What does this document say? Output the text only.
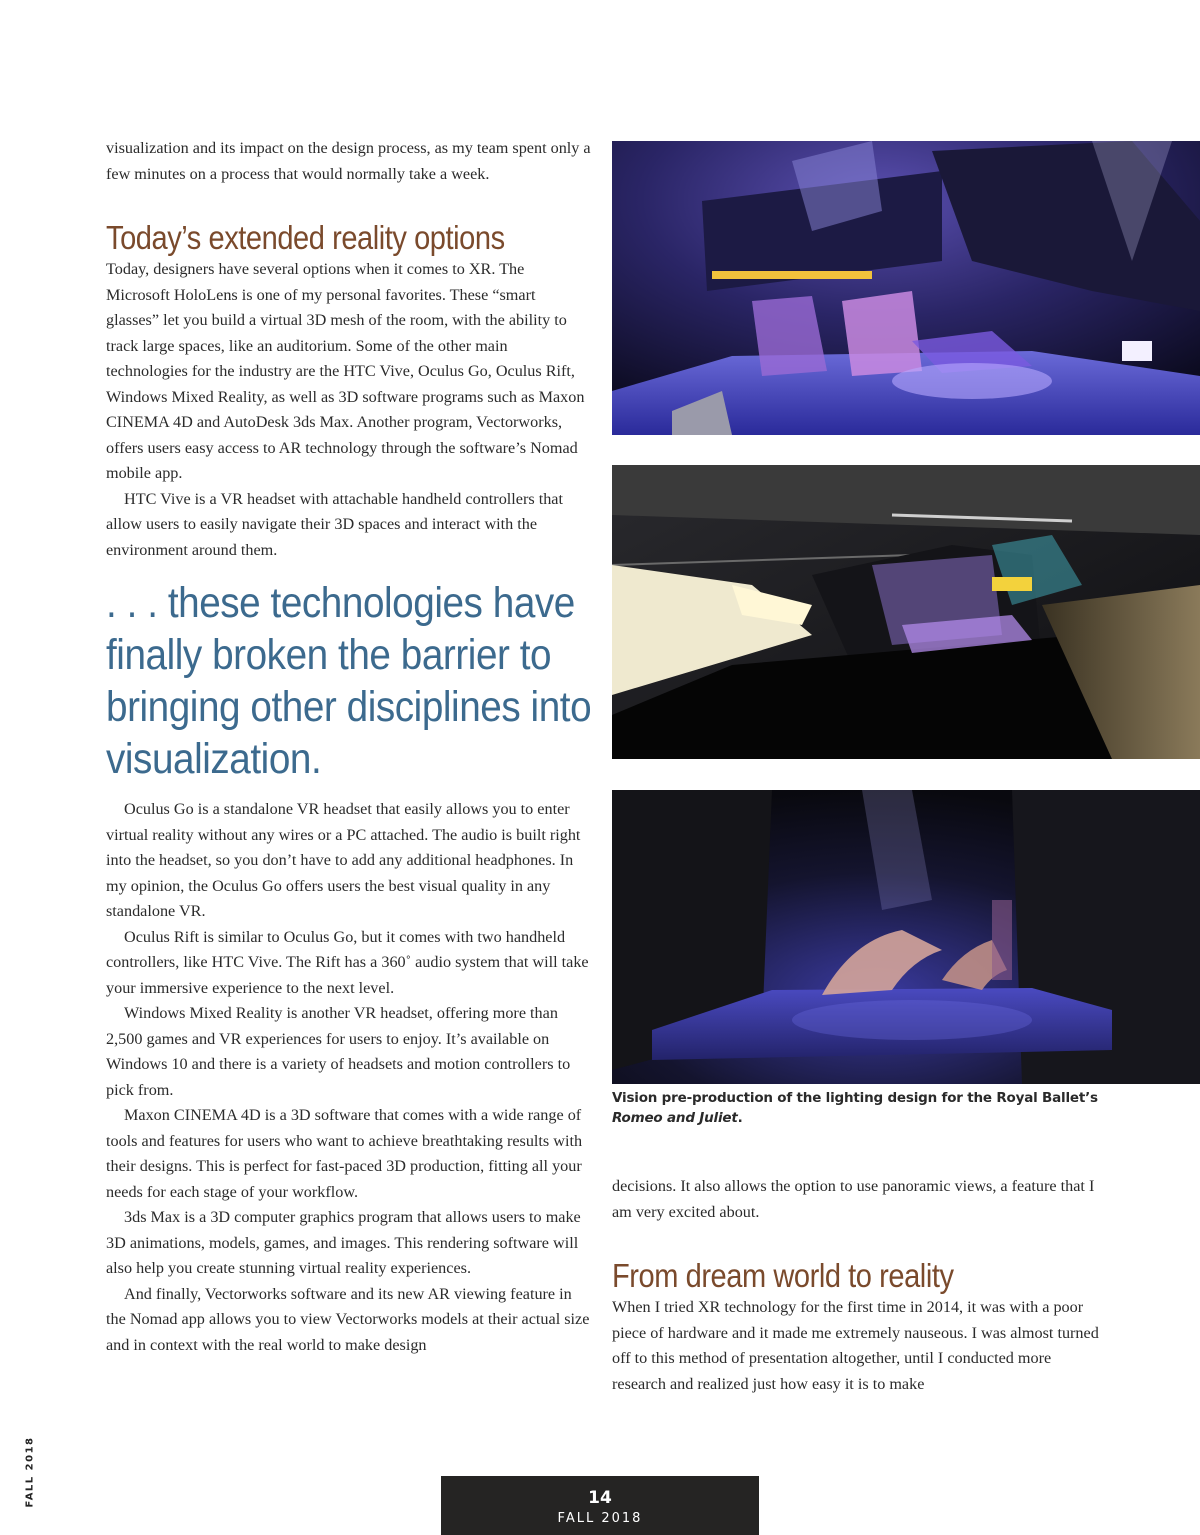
visualization and its impact on the design process, as my team spent only a few minutes on a process that would normally take a week.

Today’s extended reality options

Today, designers have several options when it comes to XR. The Microsoft HoloLens is one of my personal favorites. These “smart glasses” let you build a virtual 3D mesh of the room, with the ability to track large spaces, like an auditorium. Some of the other main technologies for the industry are the HTC Vive, Oculus Go, Oculus Rift, Windows Mixed Reality, as well as 3D software programs such as Maxon CINEMA 4D and AutoDesk 3ds Max. Another program, Vectorworks, offers users easy access to AR technology through the software’s Nomad mobile app.

HTC Vive is a VR headset with attachable handheld controllers that allow users to easily navigate their 3D spaces and interact with the environment around them.

. . . these technologies have finally broken the barrier to bringing other disciplines into visualization.

Oculus Go is a standalone VR headset that easily allows you to enter virtual reality without any wires or a PC attached. The audio is built right into the headset, so you don’t have to add any additional headphones. In my opinion, the Oculus Go offers users the best visual quality in any standalone VR.

Oculus Rift is similar to Oculus Go, but it comes with two handheld controllers, like HTC Vive. The Rift has a 360˚ audio system that will take your immersive experience to the next level.

Windows Mixed Reality is another VR headset, offering more than 2,500 games and VR experiences for users to enjoy. It’s available on Windows 10 and there is a variety of headsets and motion controllers to pick from.

Maxon CINEMA 4D is a 3D software that comes with a wide range of tools and features for users who want to achieve breathtaking results with their designs. This is perfect for fast-paced 3D production, fitting all your needs for each stage of your workflow.

3ds Max is a 3D computer graphics program that allows users to make 3D animations, models, games, and images. This rendering software will also help you create stunning virtual reality experiences.

And finally, Vectorworks software and its new AR viewing feature in the Nomad app allows you to view Vectorworks models at their actual size and in context with the real world to make design

Vision pre-production of the lighting design for the Royal Ballet’s Romeo and Juliet.

decisions. It also allows the option to use panoramic views, a feature that I am very excited about.

From dream world to reality

When I tried XR technology for the first time in 2014, it was with a poor piece of hardware and it made me extremely nauseous. I was almost turned off to this method of presentation altogether, until I conducted more research and realized just how easy it is to make

FALL 2018	14
FALL 2018
